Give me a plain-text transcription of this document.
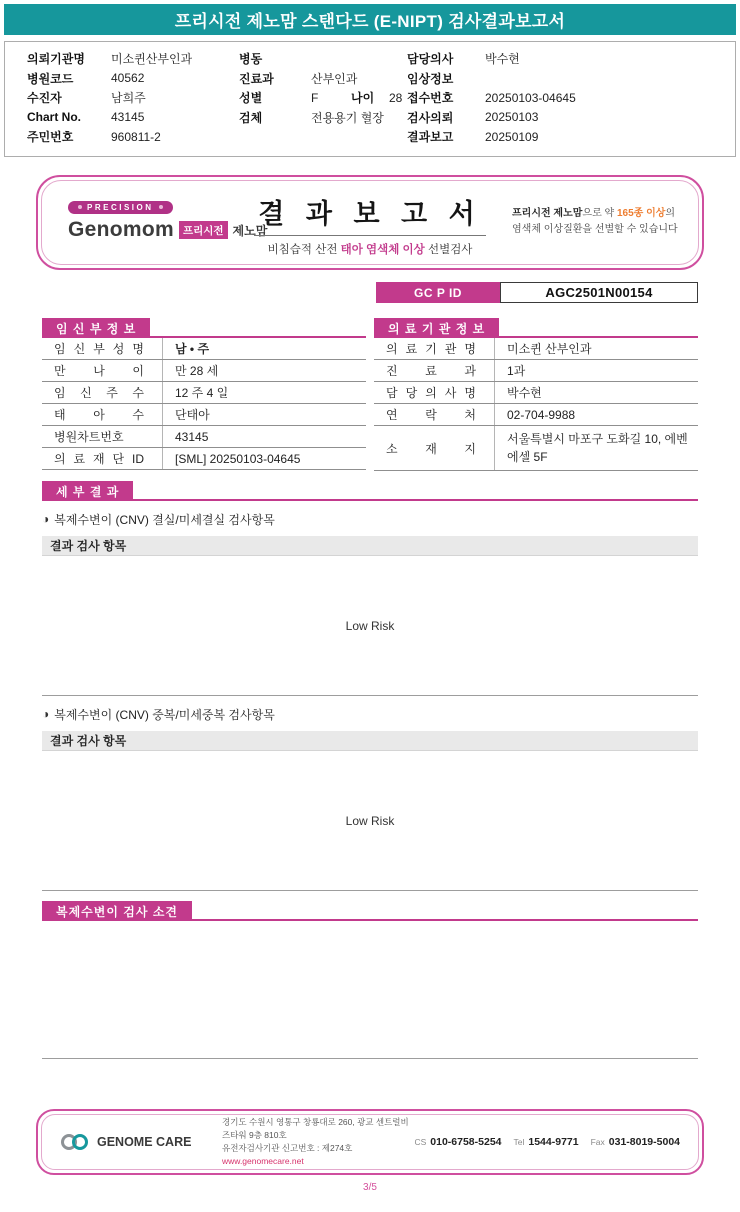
프리시전 제노맘 스탠다드 (E-NIPT) 검사결과보고서
의뢰기관명	미소퀸산부인과
병원코드	40562
수진자	남희주
Chart No.	43145
주민번호	960811-2
병동
진료과	산부인과
성별	F	나이	28
검체	전용용기 혈장
담당의사	박수현
임상정보
접수번호	20250103-04645
검사의뢰	20250103
결과보고	20250109
PRECISION
Genomom 프리시전 제노맘
결 과 보 고 서
비침습적 산전 태아 염색체 이상 선별검사
프리시전 제노맘으로 약 165종 이상의 염색체 이상질환을 선별할 수 있습니다
GC P ID	AGC2501N00154
임 신 부 정 보
임 신 부 성 명	남 • 주
만 나 이	만 28 세
임 신 주 수	12 주 4 일
태 아 수	단태아
병원차트번호	43145
의 료 재 단 ID	[SML] 20250103-04645
의 료 기 관 정 보
의 료 기 관 명	미소퀸 산부인과
진 료 과	1과
담 당 의 사 명	박수현
연 락 처	02-704-9988
소 재 지
서울특별시 마포구 도화길 10, 에벤에셀 5F
세 부 결 과
◑ 복제수변이 (CNV) 결실/미세결실 검사항목
결과 검사 항목
Low Risk
◑ 복제수변이 (CNV) 중복/미세중복 검사항목
결과 검사 항목
Low Risk
복제수변이 검사 소견
GENOME CARE
경기도 수원시 영통구 창룡대로 260, 광교 센트럴비즈타워 9층 810호
유전자검사기관 신고번호 : 제274호
www.genomecare.net
CS 010-6758-5254 Tel 1544-9771 Fax 031-8019-5004
3/5
